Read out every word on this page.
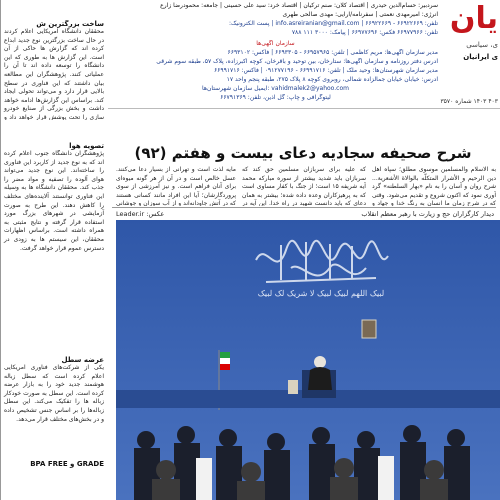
ساخت بزرگترین ش
محققان دانشگاه آمریکایی اعلام کردند در حال ساخت بزرگترین نوع جدید ابداع کرده اند که گزارش ها حاکی از آن است. این گزارش ها به طوری که این دانشگاه را توسعه داده اند تا آن را عملیاتی کنند. پژوهشگران این مطالعه بیان داشتند که این فناوری در سطح بالایی قرار دارد و می‌تواند تحولی ایجاد کند. براساس این گزارش‌ها ادامه خواهد داشت و بخش بزرگی از صنایع خودرو سازی را تحت پوشش قرار خواهد داد و
تصویه هوا
پژوهشگران دانشگاه جنوب اعلام کرده اند که به نوع جدید از کاربرد این فناوری را ساخته‌اند. این نوع جدید می‌تواند هوای آلوده را تصفیه و مواد مضر را جذب کند. محققان دانشگاه ها به وسیله این فناوری توانستند آلاینده‌های مختلف را کاهش دهند. این طرح به صورت آزمایشی در شهرهای بزرگ مورد استفاده قرار گرفته و نتایج مثبتی به همراه داشته است. براساس اظهارات محققان، این سیستم ها به زودی در دسترس عموم قرار خواهد گرفت.
عرضه سطل
یکی از شرکت‌های فناوری آمریکایی اعلام کرده است که سطل زباله هوشمند جدید خود را به بازار عرضه کرده است. این سطل به صورت خودکار زباله ها را تفکیک می‌کند. این سطل زباله‌ها را بر اساس جنس تشخیص داده و در بخش‌های مختلف قرار می‌دهد.
GRADE و BPA FREE
یان
ی، سیاسی
ی ایرانیان
سردبیر: حسام‌الدین حیدری | اقتصاد کلان: صنم ترکیان | اقتصاد خرد: سید علی حسینی | جامعه: محمودرضا زارع
انرژی: امیرمهدی نعمتی | سفرنامه/آرایی: مهدی صالحی طهری
تلفن: ۶۶۹۲۲۶۶۹ - ۶۶۹۲۲۶۶۹ | info.asreiranian@gmail.com | پست الکترونیک:
تلفن: ۶۶۹۷۷۹۶۶ فکس: ۶۶۹۷۷۶۹۶ | پیامک: ۳۰۰۰ ۱۱۱ ۷۸۸
سازمان آگهی‌ها
مدیر سازمان آگهی‌ها: مریم کاظمی | تلفن: ۶۶۹۵۷۹۶۵ - ۶۶۹۳۳۰۵ | فاکس: ۶۶۹۳۱۰۲
آدرس دفتر روزنامه و سازمان آگهی‌ها: ستارخان، بین توحید و باقرخان، کوچه اکبرزاده، پلاک ۵۷، طبقه سوم شرقی
مدیر سازمان شهرستان‌ها: وحید ملک | تلفن: ۶۶۹۹۱۷۱۶ - ۰۹۱۲۷۷۱۹۶ | فاکس: ۶۶۹۹۱۷۱۶
آدرس: خیابان خیابان جمالزاده شمالی، روبروی کوچه ۸ پلاک ۲۷۵، طبقه پنجم واحد ۱۷
vahidmalek2@yahoo.com :ایمیل سازمان شهرستان‌ها
لیتوگرافی و چاپ: گل آذین، تلفن: ۶۶۷۹۱۳۶۹
۴۰۳ ۱۴۰۳ شماره ۳۵۷۰
شرح صحیفه سجادیه دعای بیست و هفتم (۹۲)
به الاسلام والمسلمین موسوی مطلق؛ سپاه اهل دین الرحیم و الأشرار المتکلّه بالوالاة الأشعرية... شرح روان و آسان را به نام «بهار السلطنه» گرد آوری نمود که اکنون شروع و تقدیم می‌شود. وقتی که در شرح زمان ما انسان به رنگ خدا و جهاد و
که علیه برای سربازان مسلمین حق کند که سربازان باید شدید بیشتر از سوره مبارکه محمد آیه شریفه ۱۵ است؛ از جنگ با کفار مساوی است که به پرهیزکاران وعده داده شده؛ بیشتر به همان دعای که باید دانست شهید در راه خدا. این آیه در
مایه لذت است و تهرانی از بسیار دعا می‌کنند. عسل خالص است و در آن از هر گونه میوه‌ای برای آنان فراهم است. و نیز آمرزشی از سوی پروردگارشان؛ آیا این افراد مانند کسانی هستند که در آتش جاودانه‌اند و از آب سوزان و جوشانی
دیدار کارگزاران حج و زیارت با رهبر معظم انقلاب
Leader.ir :عکس
لبیک اللهم لبیک لبیک لا شریک لک لبیک
